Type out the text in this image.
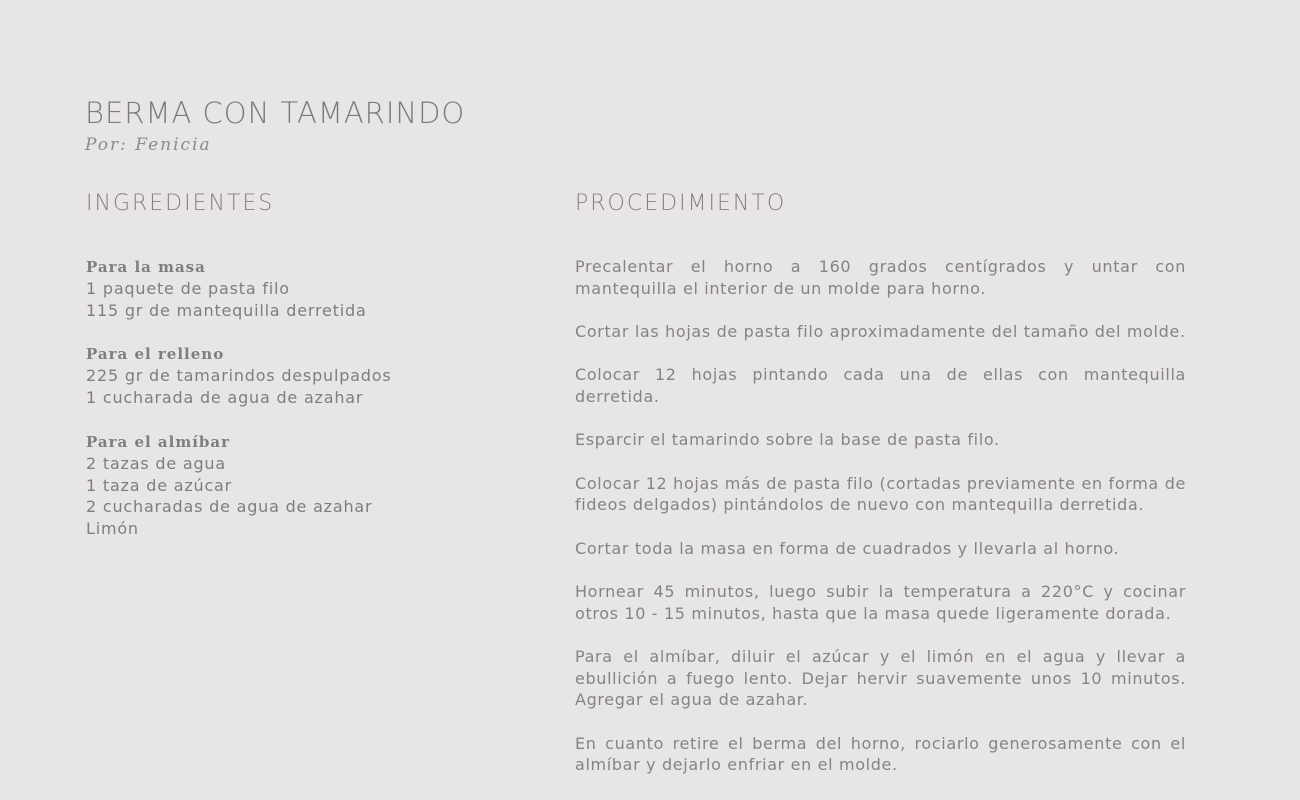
BERMA CON TAMARINDO
Por: Fenicia
INGREDIENTES
Para la masa
1 paquete de pasta filo
115 gr de mantequilla derretida
Para el relleno
225 gr de tamarindos despulpados
1 cucharada de agua de azahar
Para el almíbar
2 tazas de agua
1 taza de azúcar
2 cucharadas de agua de azahar
Limón
PROCEDIMIENTO

Precalentar el horno a 160 grados centígrados y untar con mantequilla el interior de un molde para horno.

Cortar las hojas de pasta filo aproximadamente del tamaño del molde.

Colocar 12 hojas pintando cada una de ellas con mantequilla derretida.

Esparcir el tamarindo sobre la base de pasta filo.

Colocar 12 hojas más de pasta filo (cortadas previamente en forma de fideos delgados) pintándolos de nuevo con mantequilla derretida.

Cortar toda la masa en forma de cuadrados y llevarla al horno.

Hornear 45 minutos, luego subir la temperatura a 220°C y cocinar otros 10 - 15 minutos, hasta que la masa quede ligeramente dorada.

Para el almíbar, diluir el azúcar y el limón en el agua y llevar a ebullición a fuego lento. Dejar hervir suavemente unos 10 minutos. Agregar el agua de azahar.

En cuanto retire el berma del horno, rociarlo generosamente con el almíbar y dejarlo enfriar en el molde.
